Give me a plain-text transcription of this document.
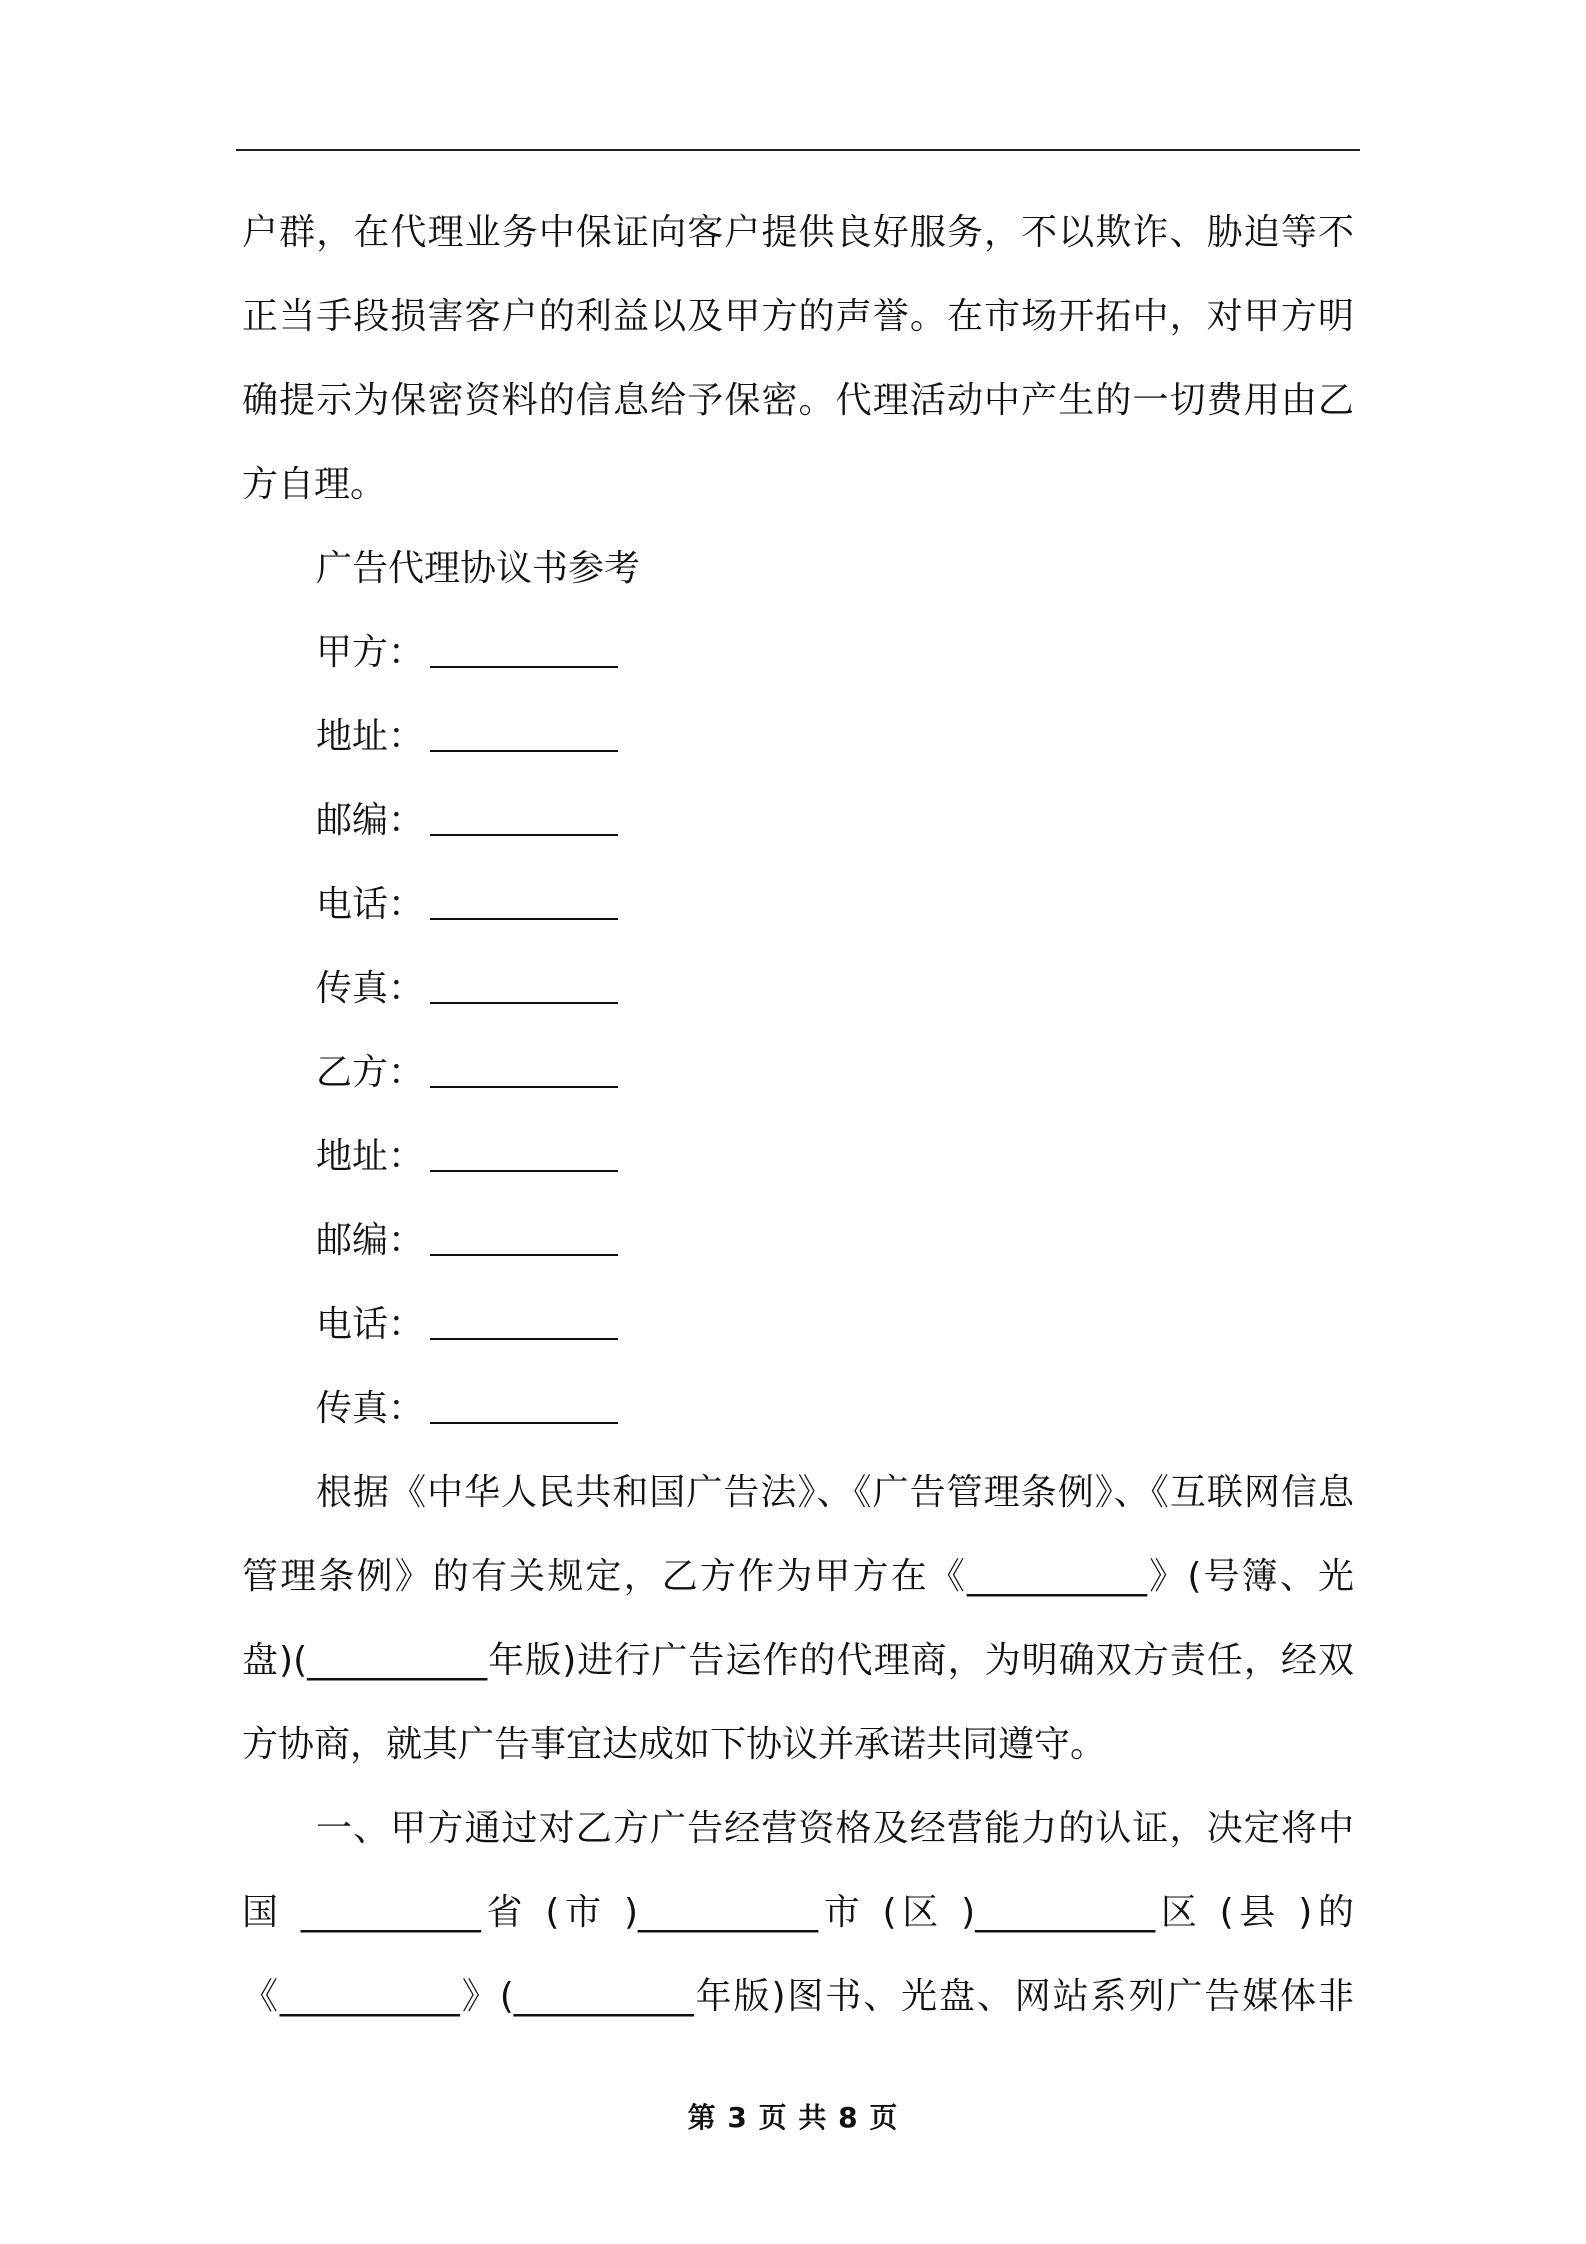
户群，在代理业务中保证向客户提供良好服务，不以欺诈、胁迫等不
正当手段损害客户的利益以及甲方的声誉。在市场开拓中，对甲方明
确提示为保密资料的信息给予保密。代理活动中产生的一切费用由乙
方自理。
广告代理协议书参考
甲方：
地址：
邮编：
电话：
传真：
乙方：
地址：
邮编：
电话：
传真：
根据《中华人民共和国广告法》、《广告管理条例》、《互联网信息
管理条例》的有关规定，乙方作为甲方在《__________》(号簿、光
盘)(__________年版)进行广告运作的代理商，为明确双方责任，经双
方协商，就其广告事宜达成如下协议并承诺共同遵守。
一、甲方通过对乙方广告经营资格及经营能力的认证，决定将中
国 __________省 (市 )__________市 (区 )__________区 (县 )的
《__________》(__________年版)图书、光盘、网站系列广告媒体非
第 3 页 共 8 页
